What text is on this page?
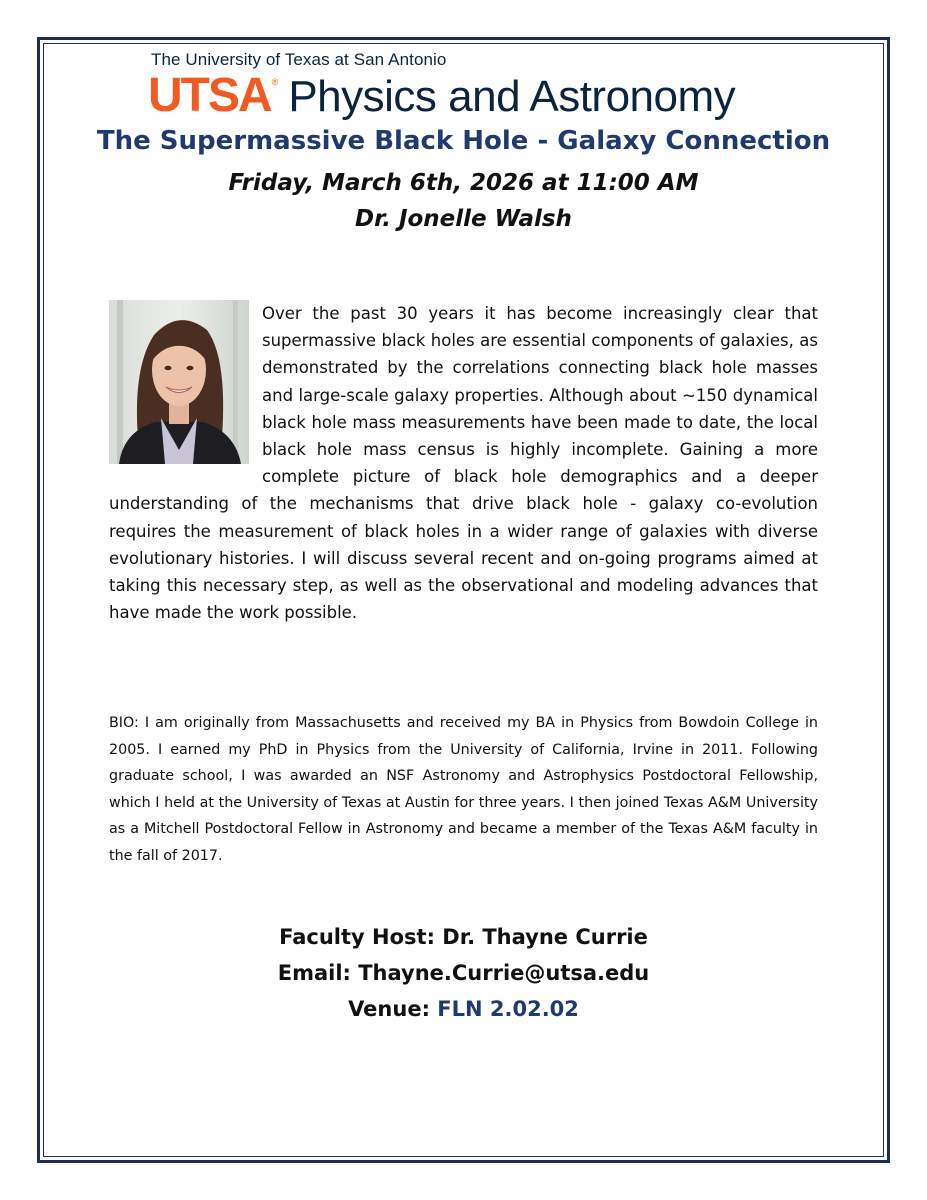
The University of Texas at San Antonio
UTSA ® Physics and Astronomy
The Supermassive Black Hole - Galaxy Connection
Friday, March 6th, 2026 at 11:00 AM
Dr. Jonelle Walsh
Over the past 30 years it has become increasingly clear that supermassive black holes are essential components of galaxies, as demonstrated by the correlations connecting black hole masses and large-scale galaxy properties. Although about ~150 dynamical black hole mass measurements have been made to date, the local black hole mass census is highly incomplete. Gaining a more complete picture of black hole demographics and a deeper understanding of the mechanisms that drive black hole - galaxy co-evolution requires the measurement of black holes in a wider range of galaxies with diverse evolutionary histories. I will discuss several recent and on-going programs aimed at taking this necessary step, as well as the observational and modeling advances that have made the work possible.
BIO: I am originally from Massachusetts and received my BA in Physics from Bowdoin College in 2005. I earned my PhD in Physics from the University of California, Irvine in 2011. Following graduate school, I was awarded an NSF Astronomy and Astrophysics Postdoctoral Fellowship, which I held at the University of Texas at Austin for three years. I then joined Texas A&M University as a Mitchell Postdoctoral Fellow in Astronomy and became a member of the Texas A&M faculty in the fall of 2017.
Faculty Host: Dr. Thayne Currie
Email: Thayne.Currie@utsa.edu
Venue: FLN 2.02.02
